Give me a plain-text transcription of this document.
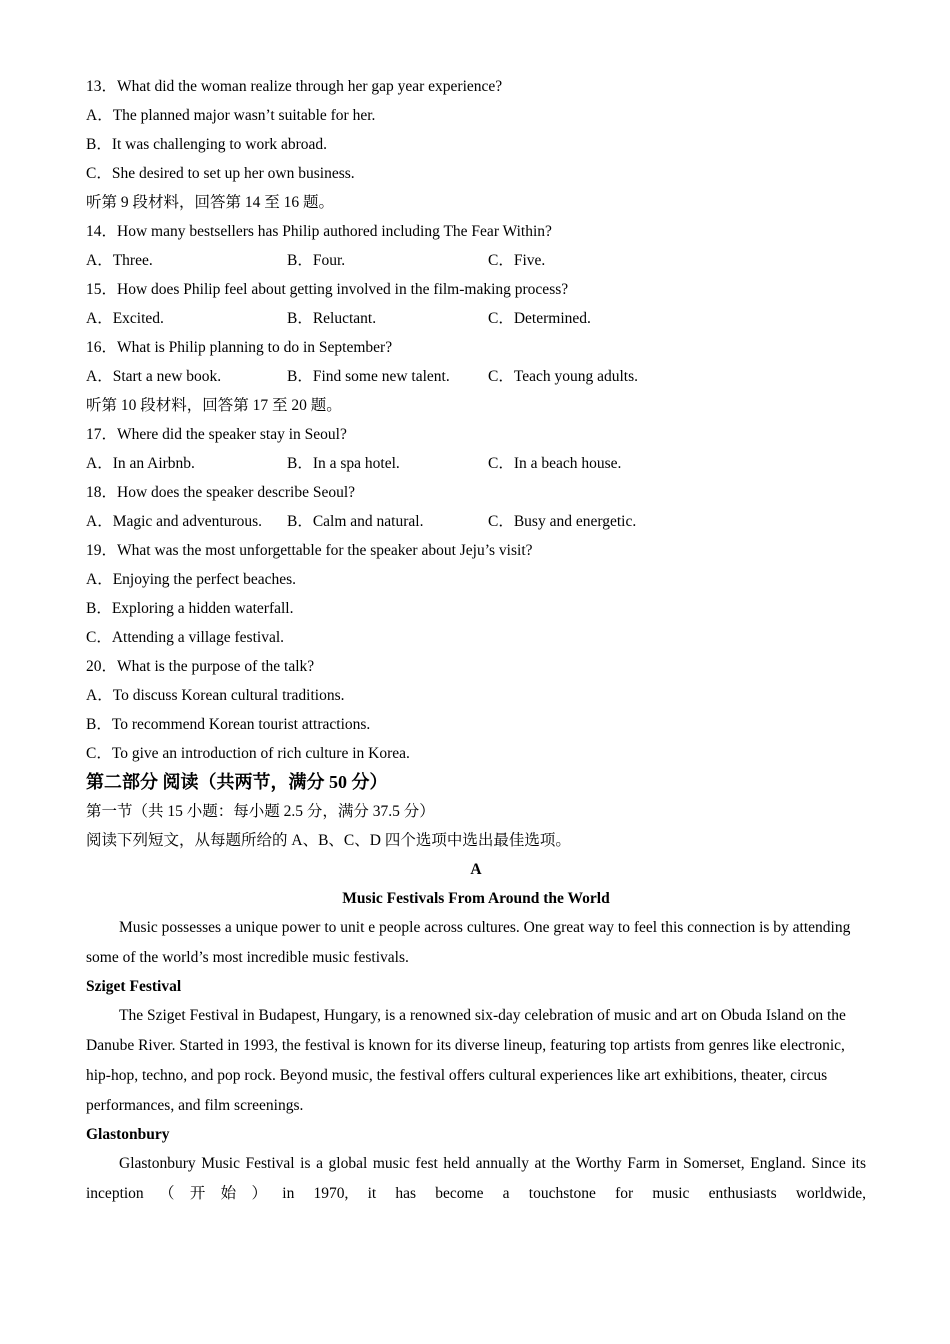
13．What did the woman realize through her gap year experience?
A．The planned major wasn’t suitable for her.
B．It was challenging to work abroad.
C．She desired to set up her own business.
听第 9 段材料，回答第 14 至 16 题。
14．How many bestsellers has Philip authored including The Fear Within?
A．Three.	B．Four.	C．Five.
15．How does Philip feel about getting involved in the film-making process?
A．Excited.	B．Reluctant.	C．Determined.
16．What is Philip planning to do in September?
A．Start a new book.	B．Find some new talent.	C．Teach young adults.
听第 10 段材料，回答第 17 至 20 题。
17．Where did the speaker stay in Seoul?
A．In an Airbnb.	B．In a spa hotel.	C．In a beach house.
18．How does the speaker describe Seoul?
A．Magic and adventurous.	B．Calm and natural.	C．Busy and energetic.
19．What was the most unforgettable for the speaker about Jeju’s visit?
A．Enjoying the perfect beaches.
B．Exploring a hidden waterfall.
C．Attending a village festival.
20．What is the purpose of the talk?
A．To discuss Korean cultural traditions.
B．To recommend Korean tourist attractions.
C．To give an introduction of rich culture in Korea.
第二部分 阅读（共两节，满分 50 分）
第一节（共 15 小题：每小题 2.5 分，满分 37.5 分）
阅读下列短文，从每题所给的 A、B、C、D 四个选项中选出最佳选项。
A
Music Festivals From Around the World

Music possesses a unique power to unit e people across cultures. One great way to feel this connection is by attending some of the world’s most incredible music festivals.

Sziget Festival

The Sziget Festival in Budapest, Hungary, is a renowned six-day celebration of music and art on Obuda Island on the Danube River. Started in 1993, the festival is known for its diverse lineup, featuring top artists from genres like electronic, hip-hop, techno, and pop rock. Beyond music, the festival offers cultural experiences like art exhibitions, theater, circus performances, and film screenings.

Glastonbury

Glastonbury Music Festival is a global music fest held annually at the Worthy Farm in Somerset, England. Since its inception（开始）in 1970, it has become a touchstone for music enthusiasts worldwide,
